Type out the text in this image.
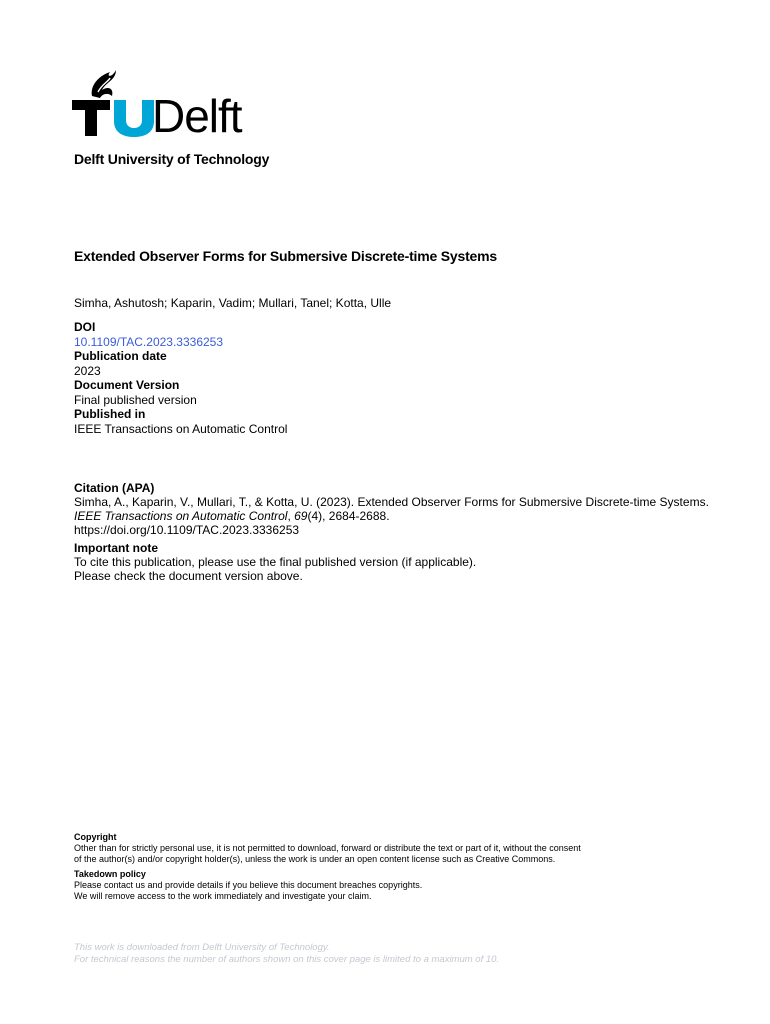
Delft
Delft University of Technology
Extended Observer Forms for Submersive Discrete-time Systems
Simha, Ashutosh; Kaparin, Vadim; Mullari, Tanel; Kotta, Ulle
DOI
10.1109/TAC.2023.3336253
Publication date
2023
Document Version
Final published version
Published in
IEEE Transactions on Automatic Control
Citation (APA)
Simha, A., Kaparin, V., Mullari, T., & Kotta, U. (2023). Extended Observer Forms for Submersive Discrete-time Systems. IEEE Transactions on Automatic Control, 69(4), 2684-2688.
https://doi.org/10.1109/TAC.2023.3336253
Important note
To cite this publication, please use the final published version (if applicable).
Please check the document version above.
Copyright
Other than for strictly personal use, it is not permitted to download, forward or distribute the text or part of it, without the consent
of the author(s) and/or copyright holder(s), unless the work is under an open content license such as Creative Commons.
Takedown policy
Please contact us and provide details if you believe this document breaches copyrights.
We will remove access to the work immediately and investigate your claim.
This work is downloaded from Delft University of Technology.
For technical reasons the number of authors shown on this cover page is limited to a maximum of 10.
